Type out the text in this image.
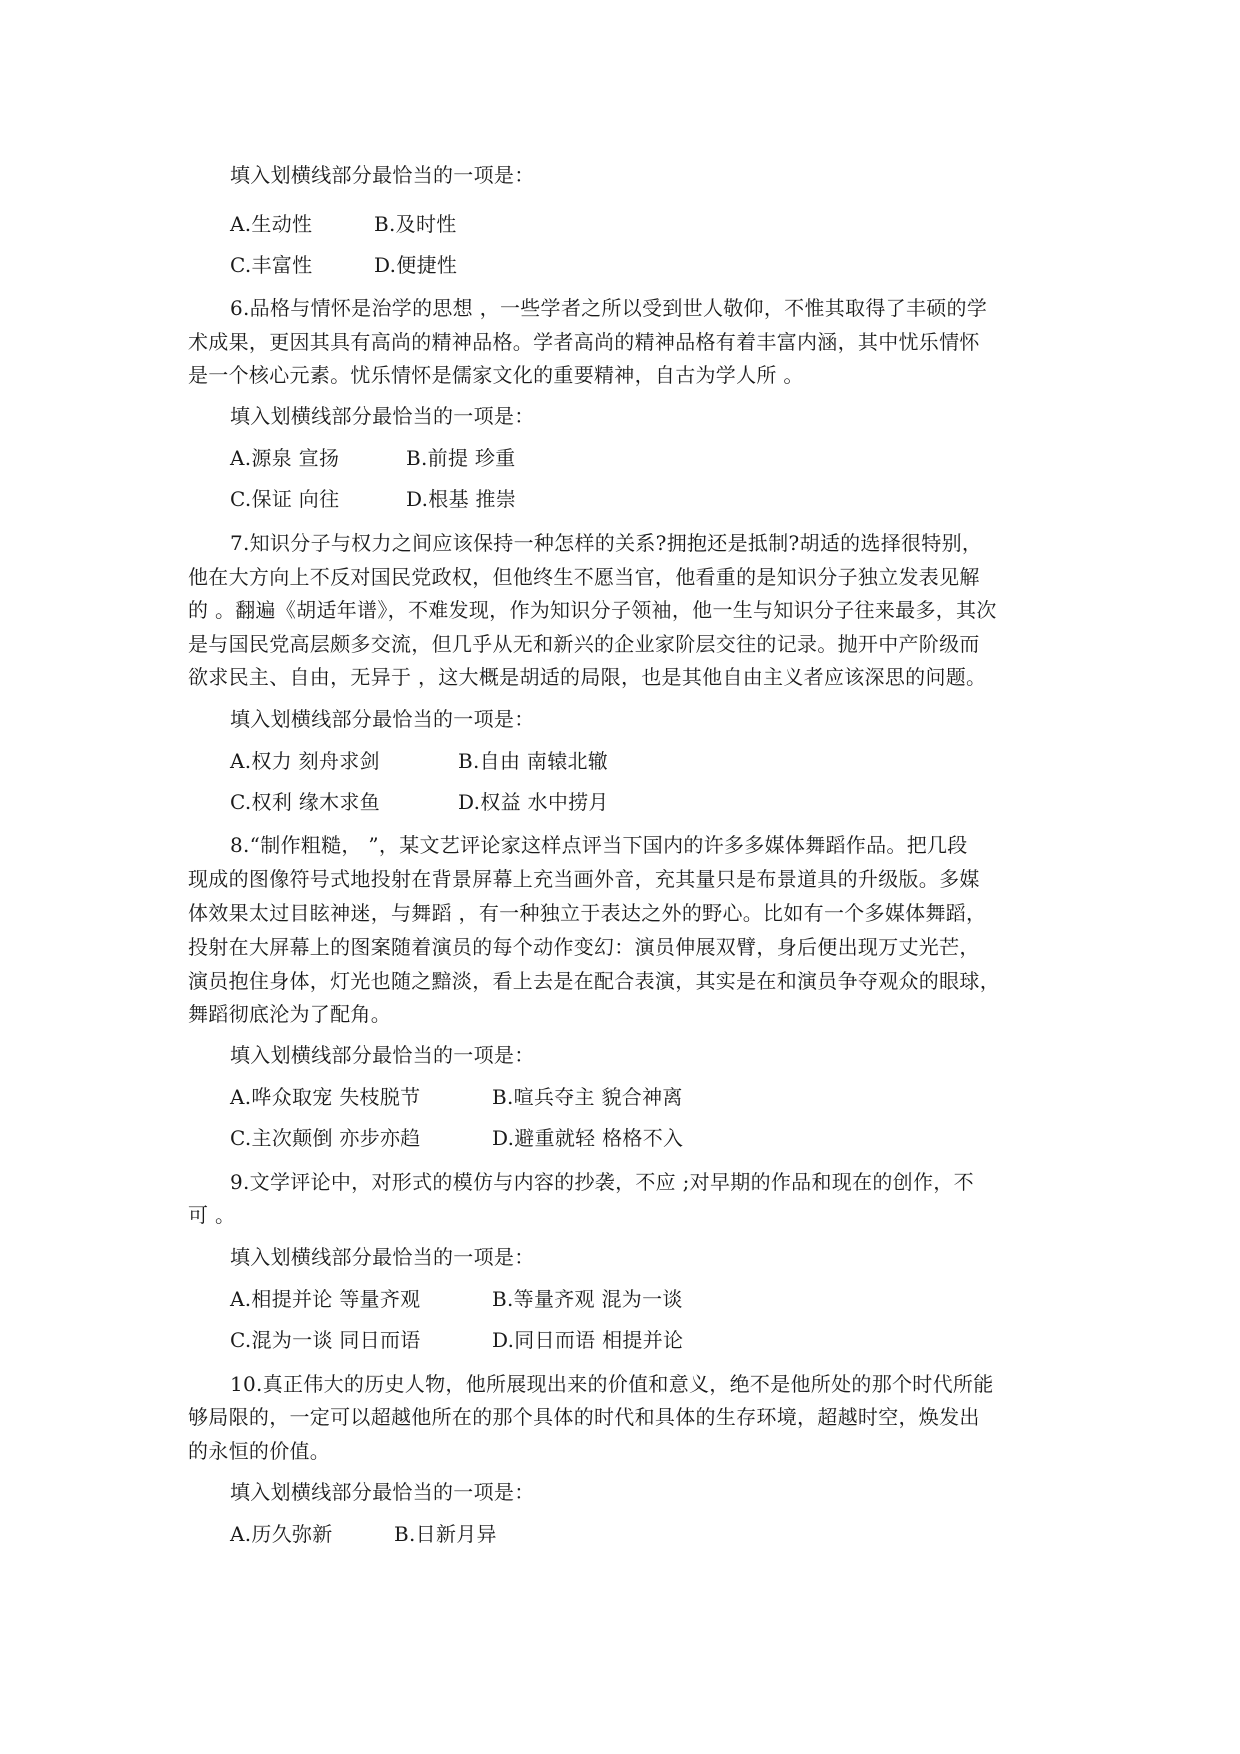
填入划横线部分最恰当的一项是：
A.生动性	B.及时性
C.丰富性	D.便捷性
6.品格与情怀是治学的思想 ，一些学者之所以受到世人敬仰，不惟其取得了丰硕的学
术成果，更因其具有高尚的精神品格。学者高尚的精神品格有着丰富内涵，其中忧乐情怀
是一个核心元素。忧乐情怀是儒家文化的重要精神，自古为学人所 。
填入划横线部分最恰当的一项是：
A.源泉 宣扬	B.前提 珍重
C.保证 向往	D.根基 推崇
7.知识分子与权力之间应该保持一种怎样的关系?拥抱还是抵制?胡适的选择很特别，
他在大方向上不反对国民党政权，但他终生不愿当官，他看重的是知识分子独立发表见解
的 。翻遍《胡适年谱》，不难发现，作为知识分子领袖，他一生与知识分子往来最多，其次
是与国民党高层颇多交流，但几乎从无和新兴的企业家阶层交往的记录。抛开中产阶级而
欲求民主、自由，无异于 ，这大概是胡适的局限，也是其他自由主义者应该深思的问题。
填入划横线部分最恰当的一项是：
A.权力 刻舟求剑	B.自由 南辕北辙
C.权利 缘木求鱼	D.权益 水中捞月
8.“制作粗糙， ”，某文艺评论家这样点评当下国内的许多多媒体舞蹈作品。把几段
现成的图像符号式地投射在背景屏幕上充当画外音，充其量只是布景道具的升级版。多媒
体效果太过目眩神迷，与舞蹈 ，有一种独立于表达之外的野心。比如有一个多媒体舞蹈，
投射在大屏幕上的图案随着演员的每个动作变幻：演员伸展双臂，身后便出现万丈光芒，
演员抱住身体，灯光也随之黯淡，看上去是在配合表演，其实是在和演员争夺观众的眼球，
舞蹈彻底沦为了配角。
填入划横线部分最恰当的一项是：
A.哗众取宠 失枝脱节	B.喧兵夺主 貌合神离
C.主次颠倒 亦步亦趋	D.避重就轻 格格不入
9.文学评论中，对形式的模仿与内容的抄袭，不应 ;对早期的作品和现在的创作，不
可 。
填入划横线部分最恰当的一项是：
A.相提并论 等量齐观	B.等量齐观 混为一谈
C.混为一谈 同日而语	D.同日而语 相提并论
10.真正伟大的历史人物，他所展现出来的价值和意义，绝不是他所处的那个时代所能
够局限的，一定可以超越他所在的那个具体的时代和具体的生存环境，超越时空，焕发出
的永恒的价值。
填入划横线部分最恰当的一项是：
A.历久弥新	B.日新月异
